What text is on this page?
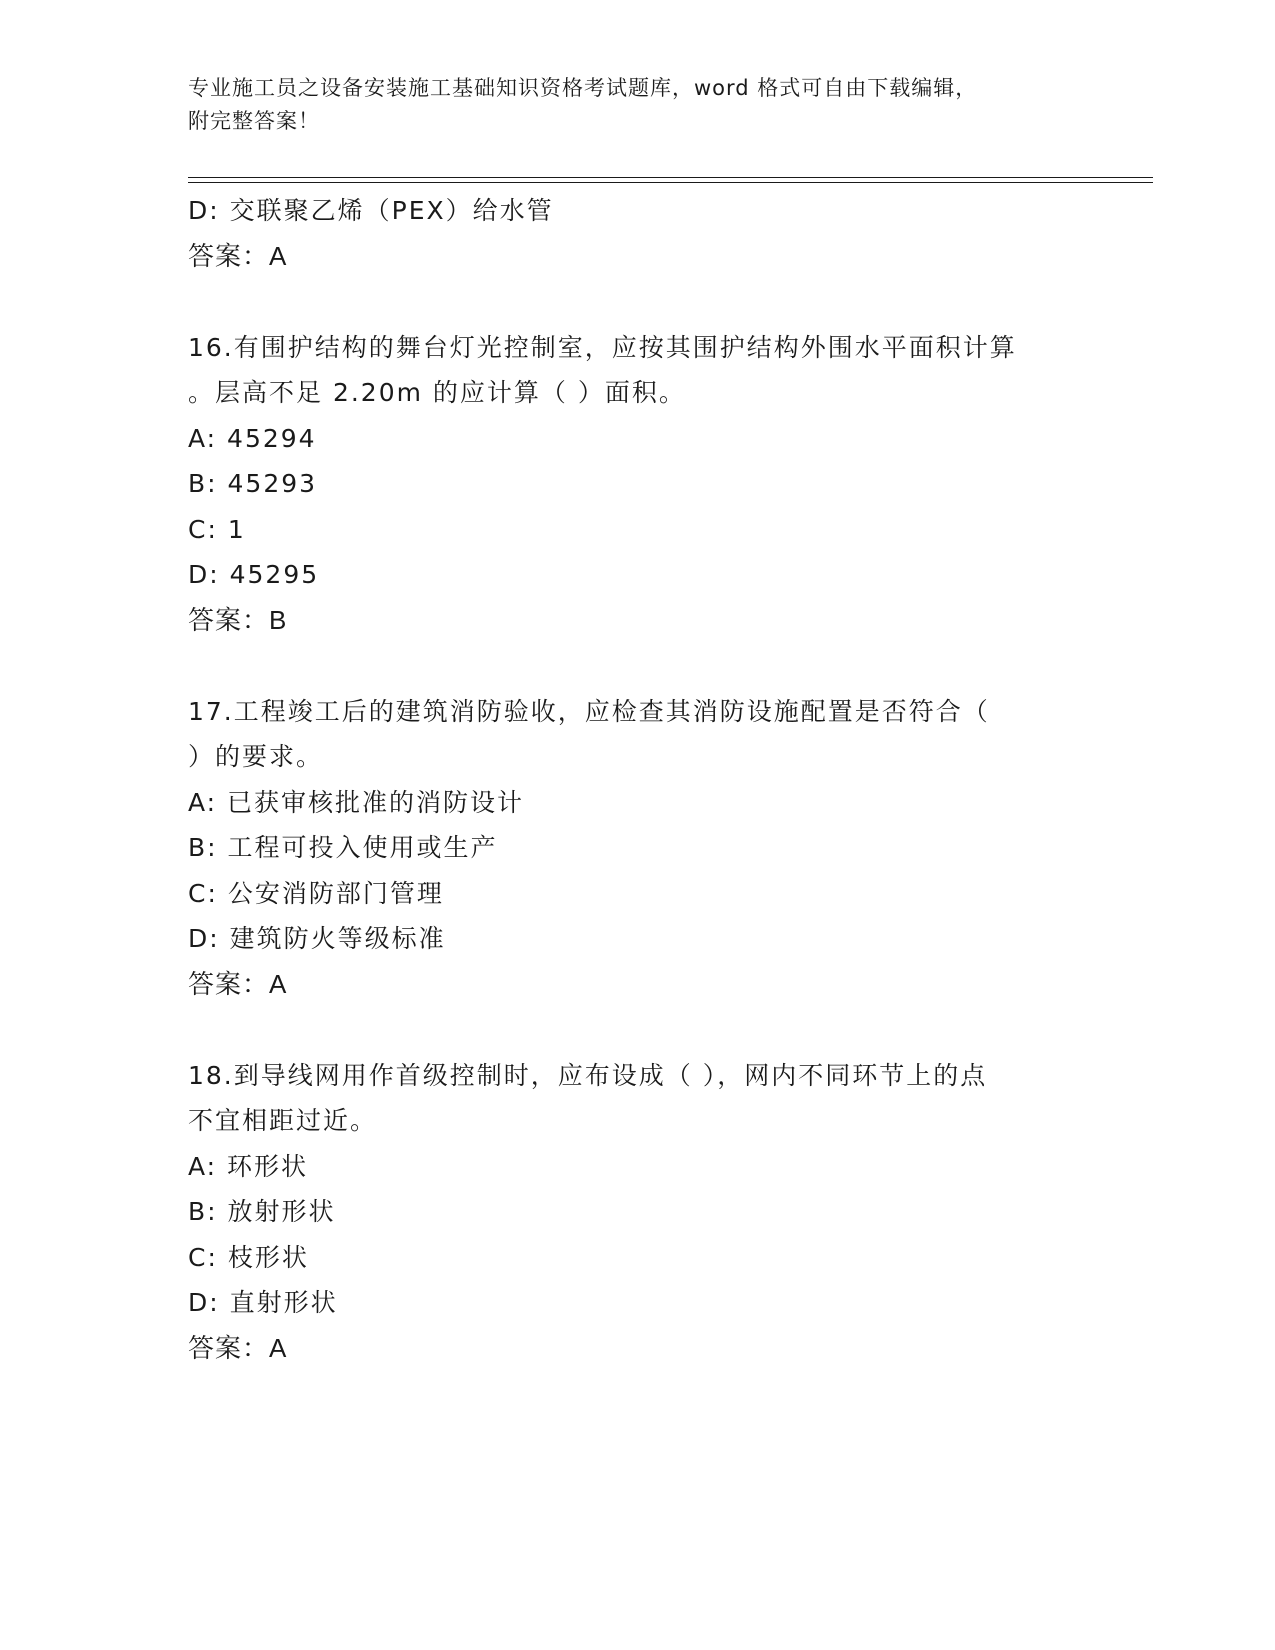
专业施工员之设备安装施工基础知识资格考试题库，word 格式可自由下载编辑，
附完整答案！
D: 交联聚乙烯（PEX）给水管
答案：A
16.有围护结构的舞台灯光控制室，应按其围护结构外围水平面积计算
。层高不足 2.20m 的应计算（ ）面积。
A: 45294
B: 45293
C: 1
D: 45295
答案：B
17.工程竣工后的建筑消防验收，应检查其消防设施配置是否符合（
）的要求。
A: 已获审核批准的消防设计
B: 工程可投入使用或生产
C: 公安消防部门管理
D: 建筑防火等级标准
答案：A
18.到导线网用作首级控制时，应布设成（ ），网内不同环节上的点
不宜相距过近。
A: 环形状
B: 放射形状
C: 枝形状
D: 直射形状
答案：A
